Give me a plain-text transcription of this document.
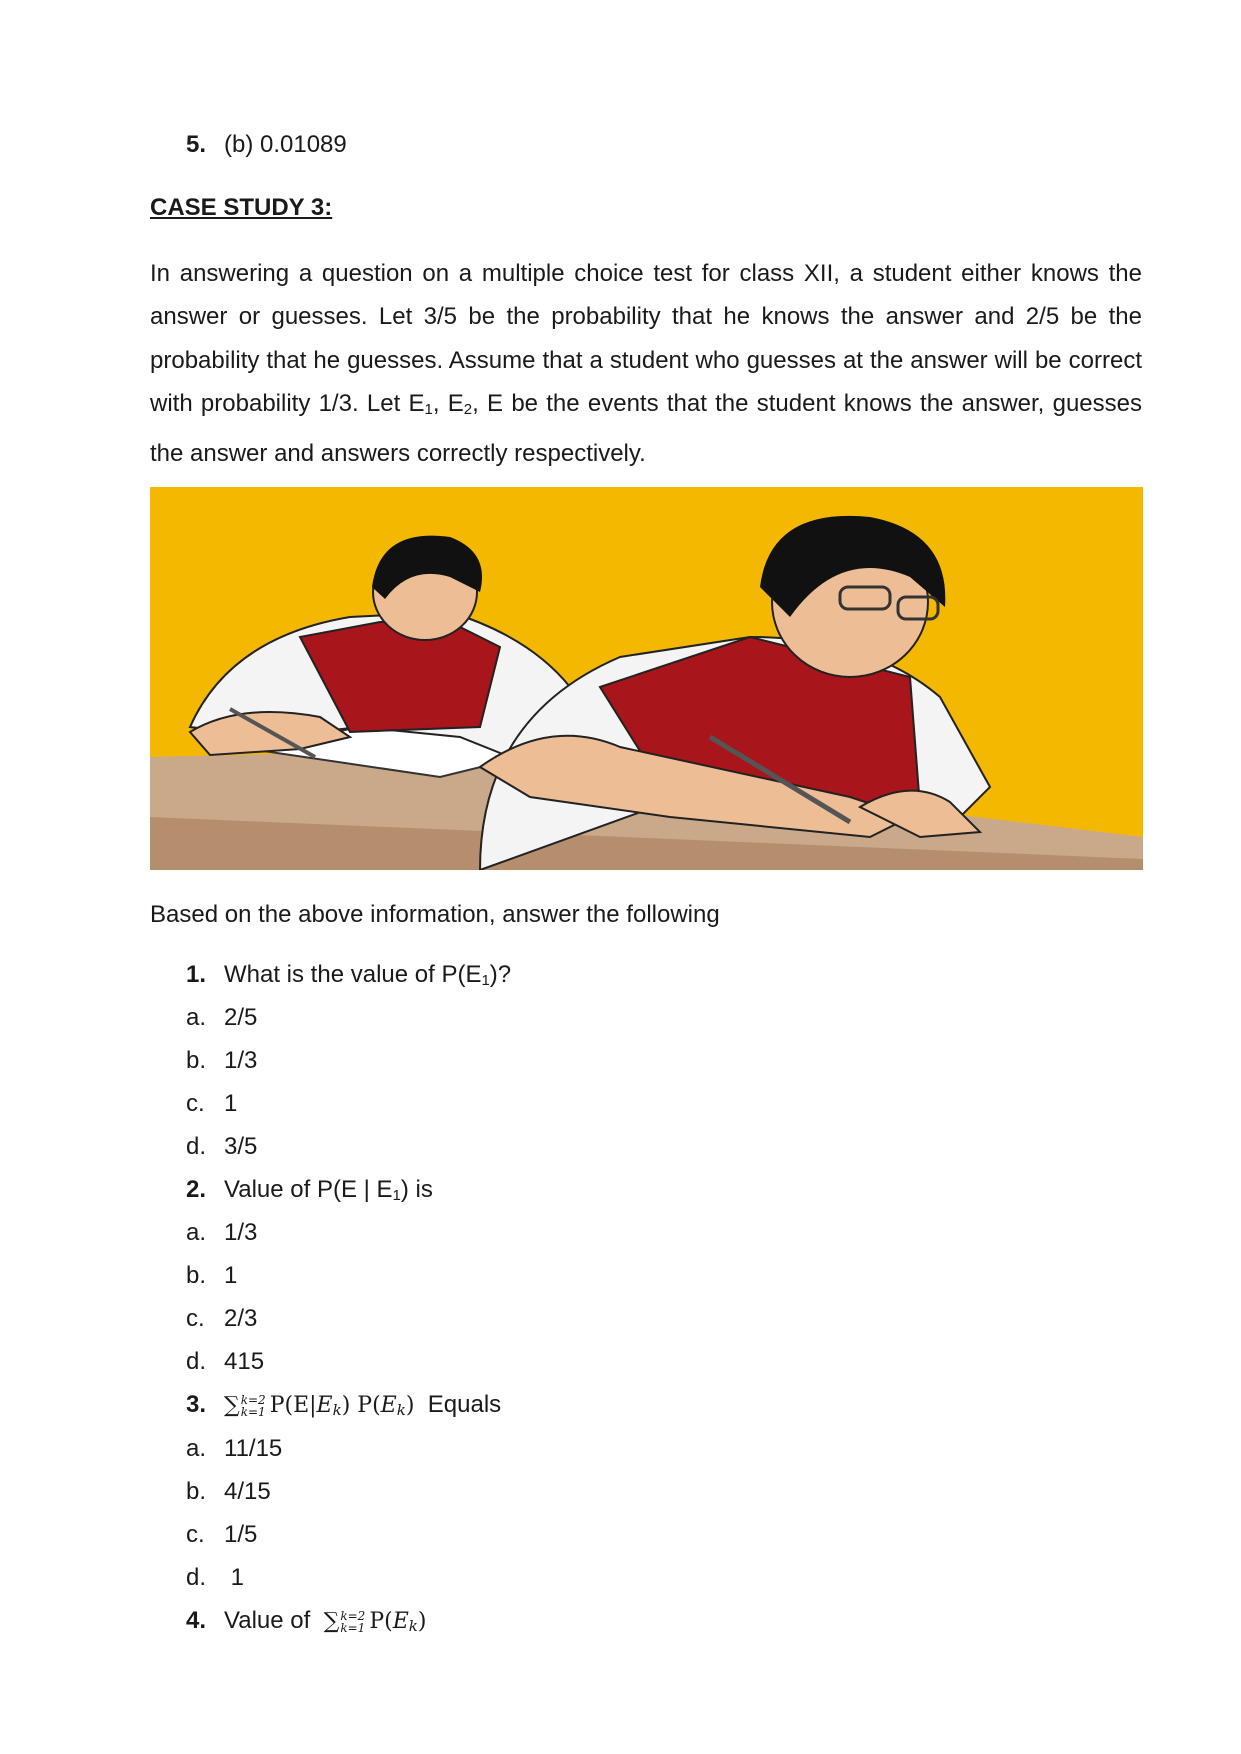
5. (b) 0.01089
CASE STUDY 3:
In answering a question on a multiple choice test for class XII, a student either knows the answer or guesses. Let 3/5 be the probability that he knows the answer and 2/5 be the probability that he guesses. Assume that a student who guesses at the answer will be correct with probability 1/3. Let $E_1$, $E_2$, E be the events that the student knows the answer, guesses the answer and answers correctly respectively.
Based on the above information, answer the following
1. What is the value of $P(E_1)$?
a. 2/5
b. 1/3
c. 1
d. 3/5
2. Value of P(E | $E_1$) is
a. 1/3
b. 1
c. 2/3
d. 415
3. ∑k=2
k=1 $P(E|E_k)$ $P(E_k)$ Equals
a. 11/15
b. 4/15
c. 1/5
d. 1
4. Value of ∑k=2
k=1 $P(E_k)$
